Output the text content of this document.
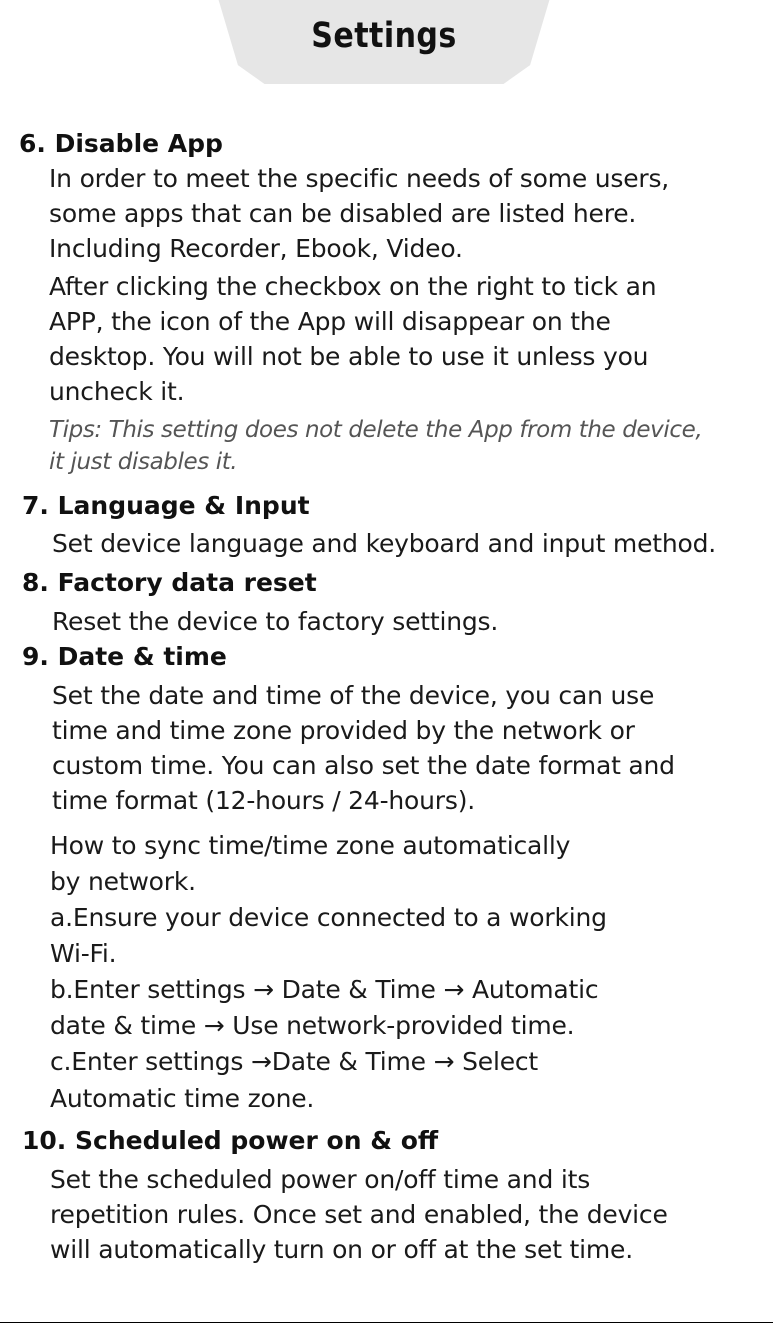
Settings
6. Disable App
In order to meet the specific needs of some users,
some apps that can be disabled are listed here.
Including Recorder, Ebook, Video.
After clicking the checkbox on the right to tick an
APP, the icon of the App will disappear on the
desktop. You will not be able to use it unless you
uncheck it.
Tips: This setting does not delete the App from the device,
it just disables it.
7. Language & Input
Set device language and keyboard and input method.
8. Factory data reset
Reset the device to factory settings.
9. Date & time
Set the date and time of the device, you can use
time and time zone provided by the network or
custom time. You can also set the date format and
time format (12-hours / 24-hours).
How to sync time/time zone automatically
by network.
a.Ensure your device connected to a working
Wi-Fi.
b.Enter settings → Date & Time → Automatic
date & time → Use network-provided time.
c.Enter settings →Date & Time → Select
Automatic time zone.
10. Scheduled power on & off
Set the scheduled power on/off time and its
repetition rules. Once set and enabled, the device
will automatically turn on or off at the set time.
